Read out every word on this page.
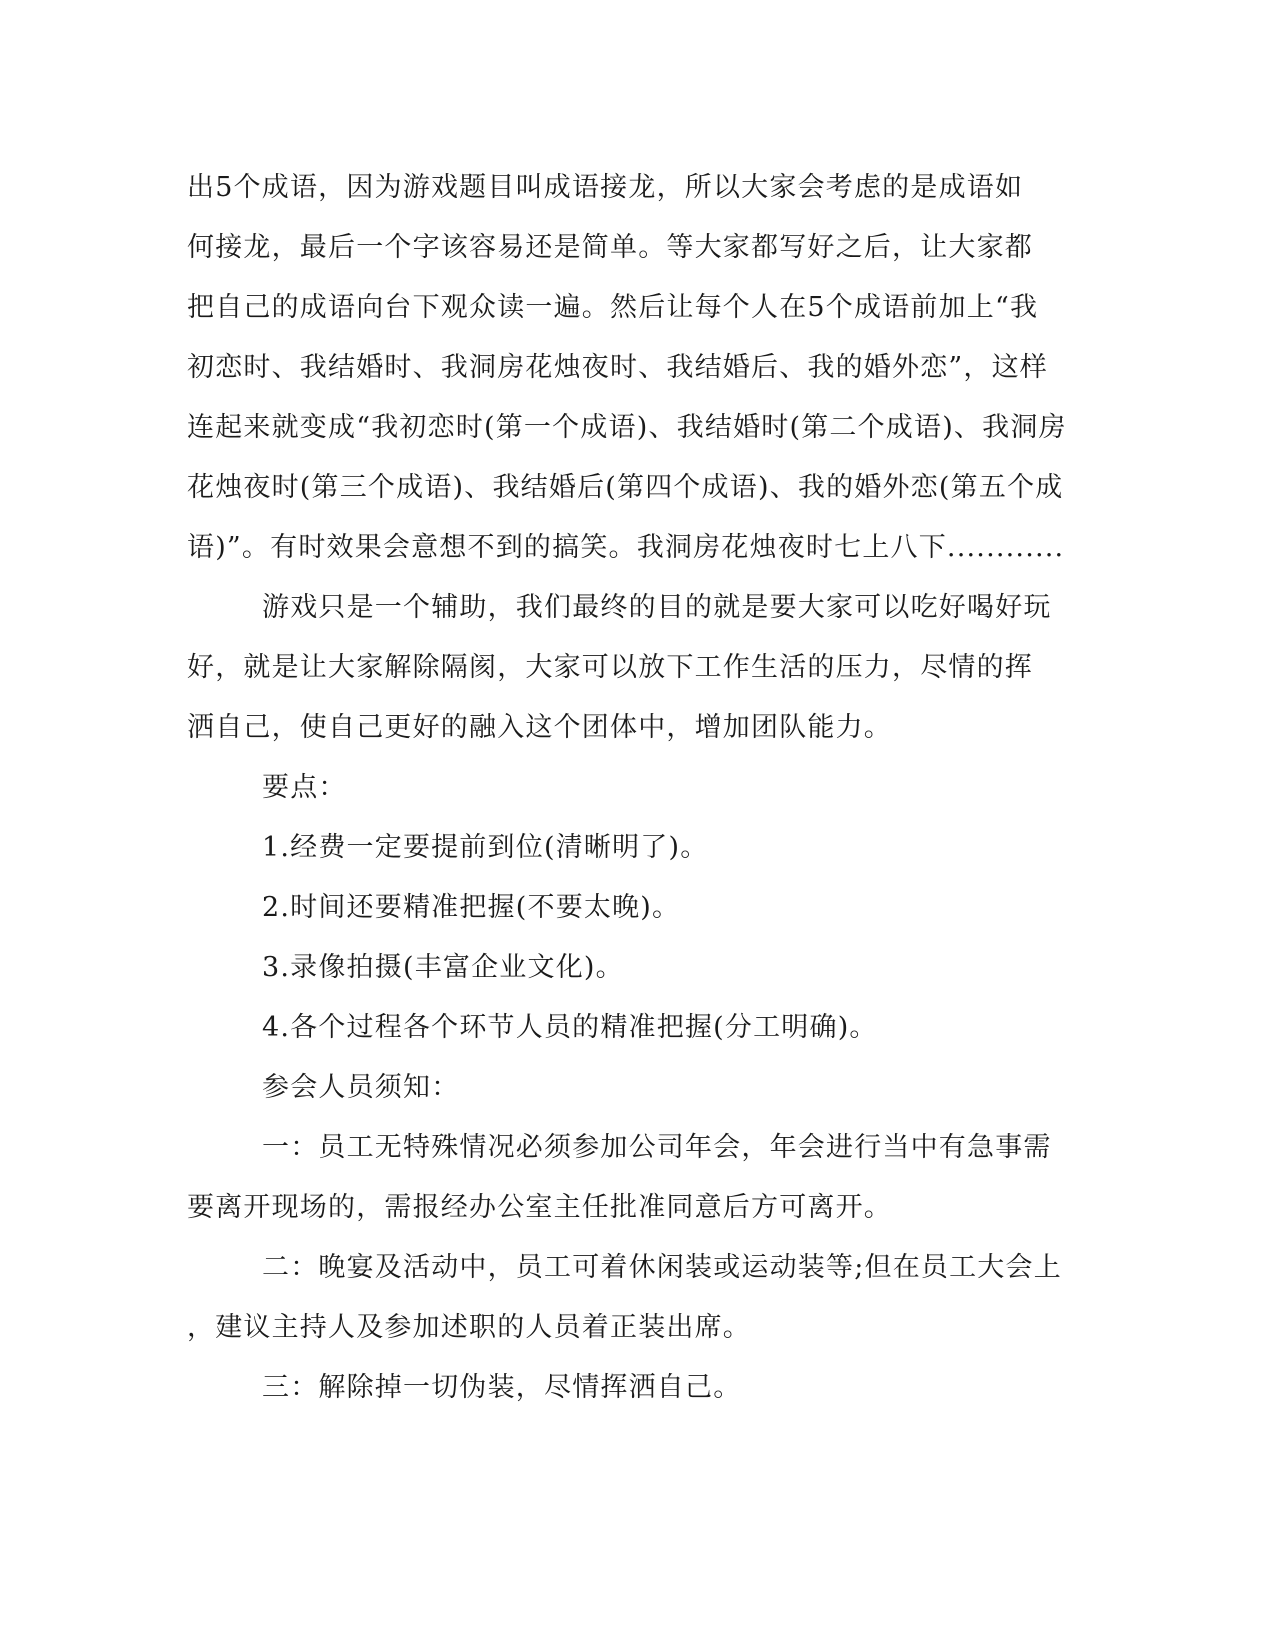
出5个成语，因为游戏题目叫成语接龙，所以大家会考虑的是成语如
何接龙，最后一个字该容易还是简单。等大家都写好之后，让大家都
把自己的成语向台下观众读一遍。然后让每个人在5个成语前加上“我
初恋时、我结婚时、我洞房花烛夜时、我结婚后、我的婚外恋”，这样
连起来就变成“我初恋时(第一个成语)、我结婚时(第二个成语)、我洞房
花烛夜时(第三个成语)、我结婚后(第四个成语)、我的婚外恋(第五个成
语)”。有时效果会意想不到的搞笑。我洞房花烛夜时七上八下............
游戏只是一个辅助，我们最终的目的就是要大家可以吃好喝好玩
好，就是让大家解除隔阂，大家可以放下工作生活的压力，尽情的挥
洒自己，使自己更好的融入这个团体中，增加团队能力。
要点：
1.经费一定要提前到位(清晰明了)。
2.时间还要精准把握(不要太晚)。
3.录像拍摄(丰富企业文化)。
4.各个过程各个环节人员的精准把握(分工明确)。
参会人员须知：
一：员工无特殊情况必须参加公司年会，年会进行当中有急事需
要离开现场的，需报经办公室主任批准同意后方可离开。
二：晚宴及活动中，员工可着休闲装或运动装等;但在员工大会上
，建议主持人及参加述职的人员着正装出席。
三：解除掉一切伪装，尽情挥洒自己。
